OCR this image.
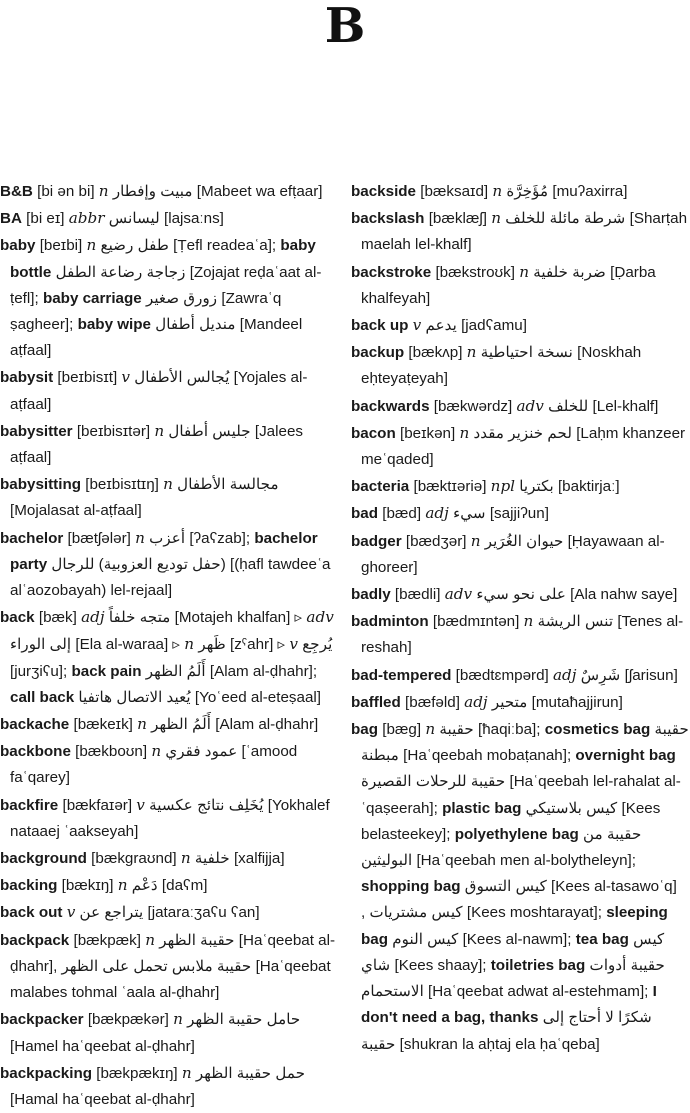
B

B&B [bi ən bi] n مبيت وإفطار [Mabeet wa efṭaar]

BA [bi eɪ] abbr ليسانس [lajsaːns]

baby [beɪbi] n طفل رضيع [Ṭefl readeaʿa]; baby bottle زجاجة رضاعة الطفل [Zojajat reḍaʿaat al-ṭefl]; baby carriage زورق صغير [Zawraʿq ṣagheer]; baby wipe منديل أطفال [Mandeel aṭfaal]

babysit [beɪbisɪt] v يُجالس الأطفال [Yojales al-aṭfaal]

babysitter [beɪbisɪtər] n جليس أطفال [Jalees aṭfaal]

babysitting [beɪbisɪtɪŋ] n مجالسة الأطفال [Mojalasat al-aṭfaal]

bachelor [bætʃələr] n أعزب [ʔaʕzab]; bachelor party (حفل توديع العزوبية) للرجال [(ḥafl tawdeeʿa alʿaozobayah) lel-rejaal]

back [bæk] adj متجه خلفاً [Motajeh khalfan] ▹ adv إلى الوراء [Ela al-waraa] ▹ n ظَهر [zˤahr] ▹ v يُرجِع [jurʒiʕu]; back pain أَلَمُ الظهر [Alam al-ḍhahr]; call back يُعيد الاتصال هاتفيا [Yoʿeed al-eteṣaal]

backache [bækeɪk] n أَلَمُ الظهر [Alam al-ḍhahr]

backbone [bækboʊn] n عمود فقري [ʿamood faʿqarey]

backfire [bækfaɪər] v يُخَلِف نتائج عكسية [Yokhalef nataaej ʿaakseyah]

background [bækgraʊnd] n خلفية [xalfijja]

backing [bækɪŋ] n دَعْم [daʕm]

back out v يتراجع عن [jataraːʒaʕu ʕan]

backpack [bækpæk] n حقيبة الظهر [Haʿqeebat al-ḍhahr], حقيبة ملابس تحمل على الظهر [Haʿqeebat malabes tohmal ʿaala al-ḍhahr]

backpacker [bækpækər] n حامل حقيبة الظهر [Hamel haʿqeebat al-ḍhahr]

backpacking [bækpækɪŋ] n حمل حقيبة الظهر [Hamal haʿqeebat al-ḍhahr]

backside [bæksaɪd] n مُؤَخِرَّة [muʔaxirra]

backslash [bæklæʃ] n شرطة مائلة للخلف [Sharṭah maelah lel-khalf]

backstroke [bækstroʊk] n ضربة خلفية [Ḍarba khalfeyah]

back up v يدعم [jadʕamu]

backup [bækʌp] n نسخة احتياطية [Noskhah eḥteyaṭeyah]

backwards [bækwərdz] adv للخلف [Lel-khalf]

bacon [beɪkən] n لحم خنزير مقدد [Laḥm khanzeer meʿqaded]

bacteria [bæktɪəriə] npl بكتريا [baktirjaː]

bad [bæd] adj سيء [sajjiʔun]

badger [bædʒər] n حيوان الغُرَير [Ḥayawaan al-ghoreer]

badly [bædli] adv على نحو سيء [Ala nahw saye]

badminton [bædmɪntən] n تنس الريشة [Tenes al-reshah]

bad-tempered [bædtɛmpərd] adj شَرِسٌ [ʃarisun]

baffled [bæfəld] adj متحير [mutaħajjirun]

bag [bæg] n حقيبة [ħaqiːba]; cosmetics bag حقيبة مبطنة [Haʿqeebah mobaṭanah]; overnight bag حقيبة للرحلات القصيرة [Haʿqeebah lel-rahalat al-ʿqaṣeerah]; plastic bag كيس بلاستيكي [Kees belasteekey]; polyethylene bag حقيبة من البوليثين [Haʿqeebah men al-bolytheleyn]; shopping bag كيس التسوق [Kees al-tasawoʿq] كيس مشتريات , [Kees moshtarayat]; sleeping bag كيس النوم [Kees al-nawm]; tea bag كيس شاي [Kees shaay]; toiletries bag حقيبة أدوات الاستحمام [Haʿqeebat adwat al-estehmam]; I don't need a bag, thanks شكرًا لا أحتاج إلى حقيبة [shukran la aḥtaj ela ḥaʿqeba]
